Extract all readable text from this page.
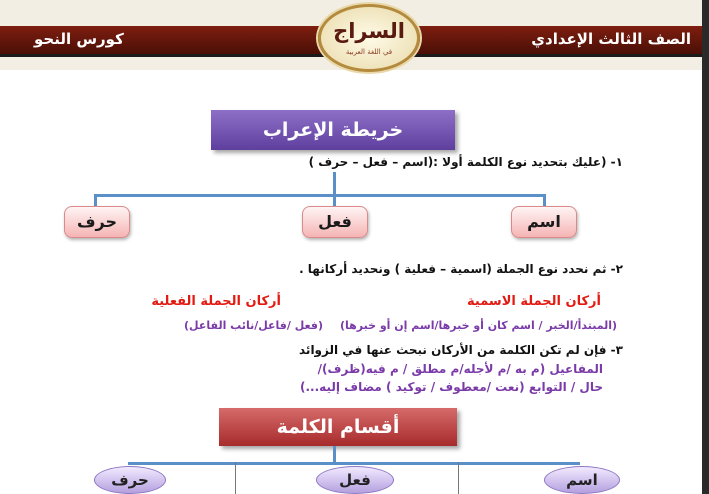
الصف الثالث الإعدادي
كورس النحو	السراج
في اللغة العربية
خريطة الإعراب
١- (عليك بتحديد نوع الكلمة أولا :(اسم – فعل – حرف )
اسم
فعل
حرف
٢- ثم نحدد نوع الجملة (اسمية – فعلية ) ونحديد أركانها .
أركان الجملة الاسمية
(المبتدأ/الخبر / اسم كان أو خبرها/اسم إن أو خبرها)
أركان الجملة الفعلية
(فعل /فاعل/نائب الفاعل)
٣- فإن لم تكن الكلمة من الأركان نبحث عنها في الزوائد
المفاعيل (م به /م لأجله/م مطلق / م فيه(ظرف)/
حال / التوابع (نعت /معطوف / توكيد ) مضاف إليه...)
أقسام الكلمة
اسم
فعل
حرف
